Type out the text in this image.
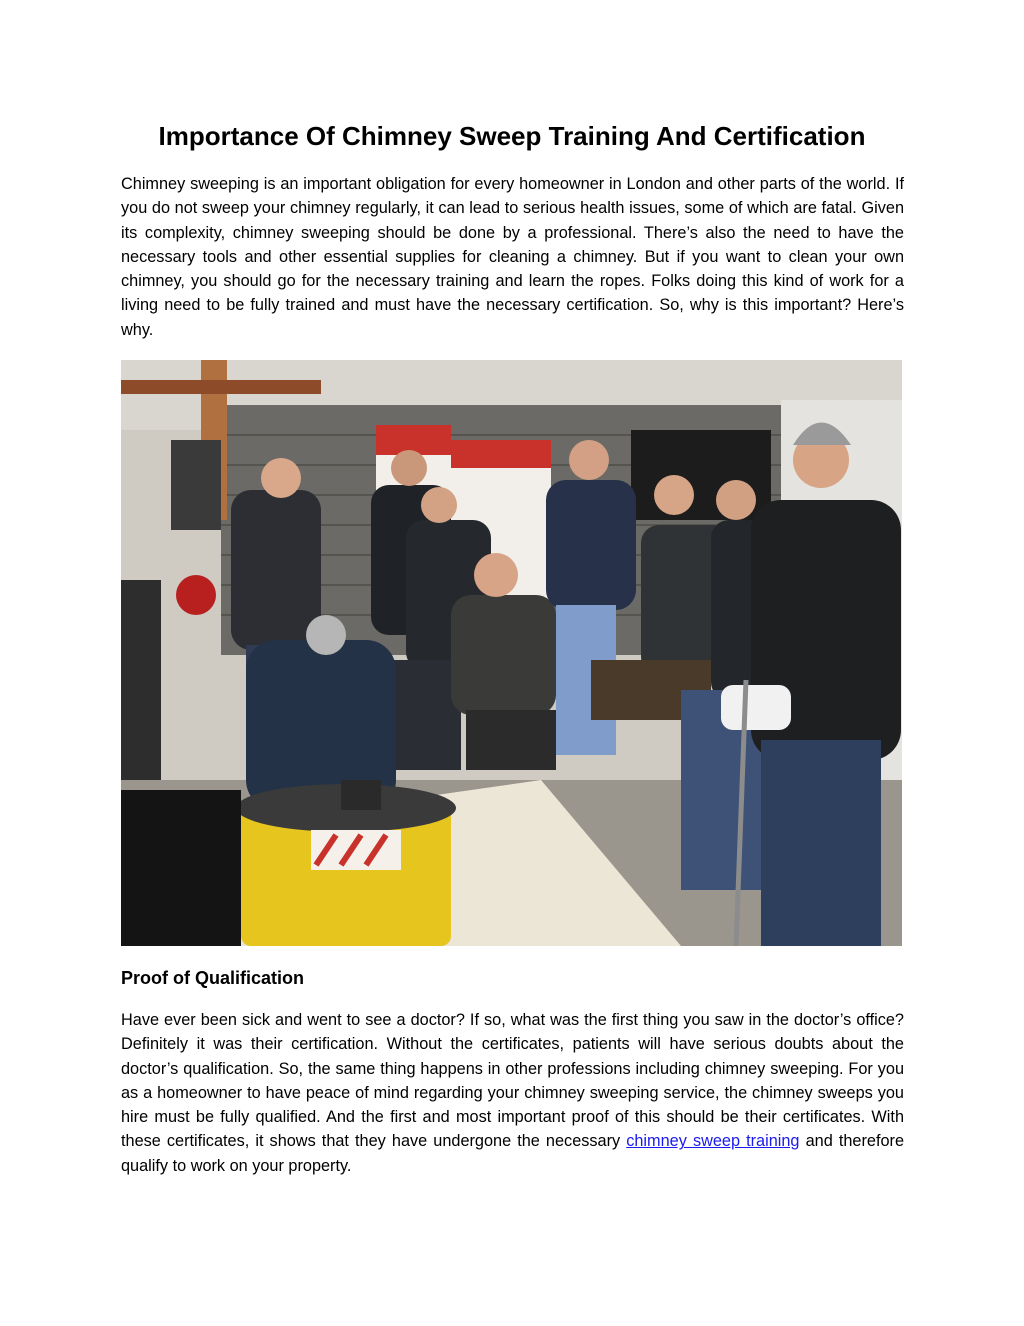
Importance Of Chimney Sweep Training And Certification

Chimney sweeping is an important obligation for every homeowner in London and other parts of the world. If you do not sweep your chimney regularly, it can lead to serious health issues, some of which are fatal. Given its complexity, chimney sweeping should be done by a professional. There’s also the need to have the necessary tools and other essential supplies for cleaning a chimney. But if you want to clean your own chimney, you should go for the necessary training and learn the ropes. Folks doing this kind of work for a living need to be fully trained and must have the necessary certification. So, why is this important? Here’s why.

Proof of Qualification

Have ever been sick and went to see a doctor? If so, what was the first thing you saw in the doctor’s office? Definitely it was their certification. Without the certificates, patients will have serious doubts about the doctor’s qualification. So, the same thing happens in other professions including chimney sweeping. For you as a homeowner to have peace of mind regarding your chimney sweeping service, the chimney sweeps you hire must be fully qualified. And the first and most important proof of this should be their certificates. With these certificates, it shows that they have undergone the necessary chimney sweep training and therefore qualify to work on your property.
